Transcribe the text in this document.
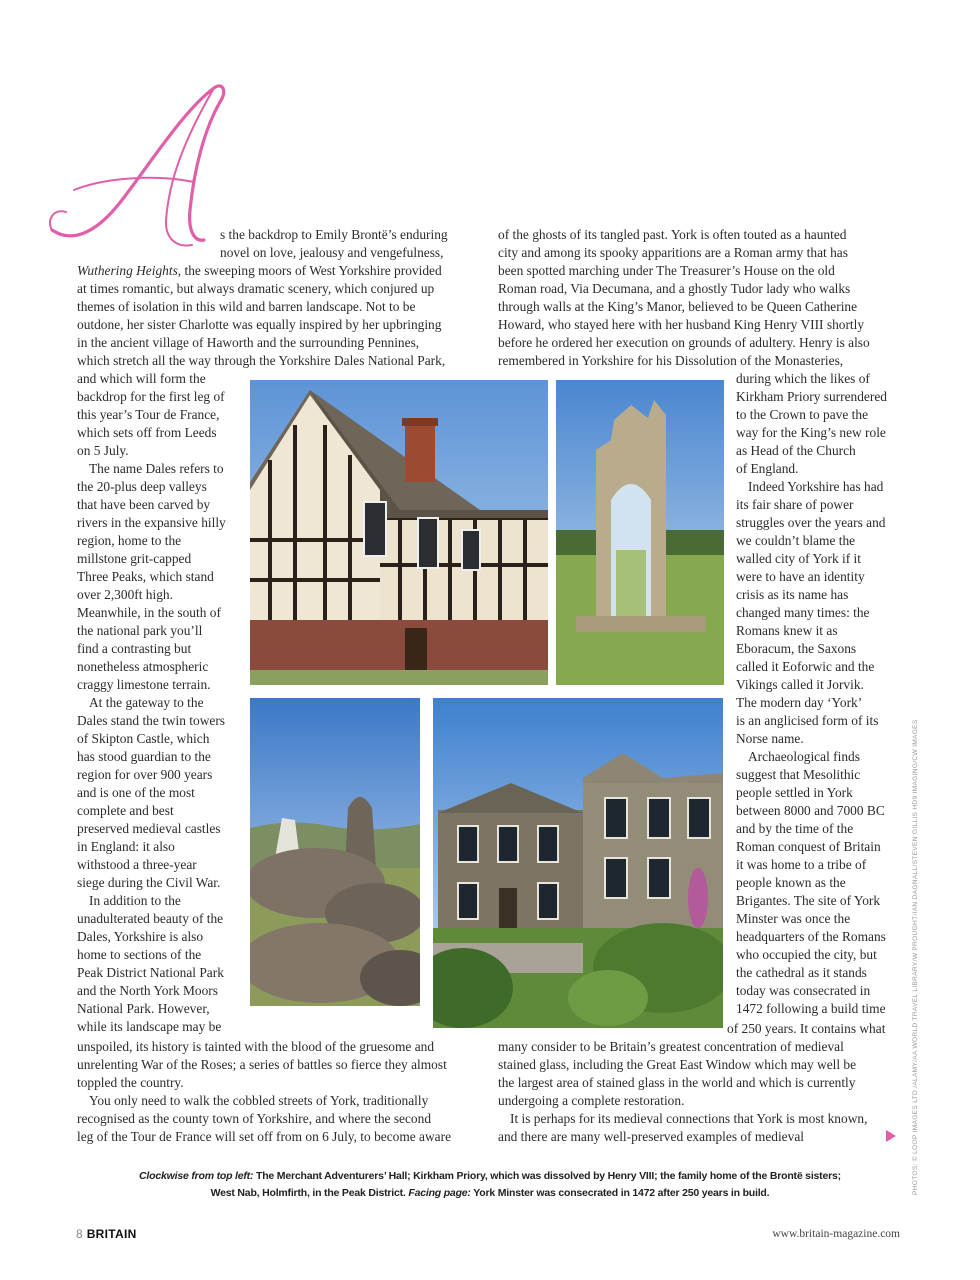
s the backdrop to Emily Brontë’s enduring
novel on love, jealousy and vengefulness,
Wuthering Heights, the sweeping moors of West Yorkshire provided
at times romantic, but always dramatic scenery, which conjured up
themes of isolation in this wild and barren landscape. Not to be
outdone, her sister Charlotte was equally inspired by her upbringing
in the ancient village of Haworth and the surrounding Pennines,
which stretch all the way through the Yorkshire Dales National Park,
and which will form the
backdrop for the first leg of
this year’s Tour de France,
which sets off from Leeds
on 5 July.
The name Dales refers to
the 20-plus deep valleys
that have been carved by
rivers in the expansive hilly
region, home to the
millstone grit-capped
Three Peaks, which stand
over 2,300ft high.
Meanwhile, in the south of
the national park you’ll
find a contrasting but
nonetheless atmospheric
craggy limestone terrain.
At the gateway to the
Dales stand the twin towers
of Skipton Castle, which
has stood guardian to the
region for over 900 years
and is one of the most
complete and best
preserved medieval castles
in England: it also
withstood a three-year
siege during the Civil War.
In addition to the
unadulterated beauty of the
Dales, Yorkshire is also
home to sections of the
Peak District National Park
and the North York Moors
National Park. However,
while its landscape may be
unspoiled, its history is tainted with the blood of the gruesome and
unrelenting War of the Roses; a series of battles so fierce they almost
toppled the country.
You only need to walk the cobbled streets of York, traditionally
recognised as the county town of Yorkshire, and where the second
leg of the Tour de France will set off from on 6 July, to become aware
of the ghosts of its tangled past. York is often touted as a haunted
city and among its spooky apparitions are a Roman army that has
been spotted marching under The Treasurer’s House on the old
Roman road, Via Decumana, and a ghostly Tudor lady who walks
through walls at the King’s Manor, believed to be Queen Catherine
Howard, who stayed here with her husband King Henry VIII shortly
before he ordered her execution on grounds of adultery. Henry is also
remembered in Yorkshire for his Dissolution of the Monasteries,
during which the likes of
Kirkham Priory surrendered
to the Crown to pave the
way for the King’s new role
as Head of the Church
of England.
Indeed Yorkshire has had
its fair share of power
struggles over the years and
we couldn’t blame the
walled city of York if it
were to have an identity
crisis as its name has
changed many times: the
Romans knew it as
Eboracum, the Saxons
called it Eoforwic and the
Vikings called it Jorvik.
The modern day ‘York’
is an anglicised form of its
Norse name.
Archaeological finds
suggest that Mesolithic
people settled in York
between 8000 and 7000 BC
and by the time of the
Roman conquest of Britain
it was home to a tribe of
people known as the
Brigantes. The site of York
Minster was once the
headquarters of the Romans
who occupied the city, but
the cathedral as it stands
today was consecrated in
1472 following a build time
of 250 years. It contains what
many consider to be Britain’s greatest concentration of medieval
stained glass, including the Great East Window which may well be
the largest area of stained glass in the world and which is currently
undergoing a complete restoration.
It is perhaps for its medieval connections that York is most known,
and there are many well-preserved examples of medieval
Clockwise from top left: The Merchant Adventurers’ Hall; Kirkham Priory, which was dissolved by Henry VIII; the family home of the Brontë sisters;
West Nab, Holmfirth, in the Peak District. Facing page: York Minster was consecrated in 1472 after 250 years in build.	PHOTOS: © LOOP IMAGES LTD /ALAMY/AA WORLD TRAVEL LIBRARY/W PROUGHT/IAN DAGNALL/STEVEN GILLIS HD9 IMAGING/CW IMAGES
8 BRITAIN	www.britain-magazine.com
